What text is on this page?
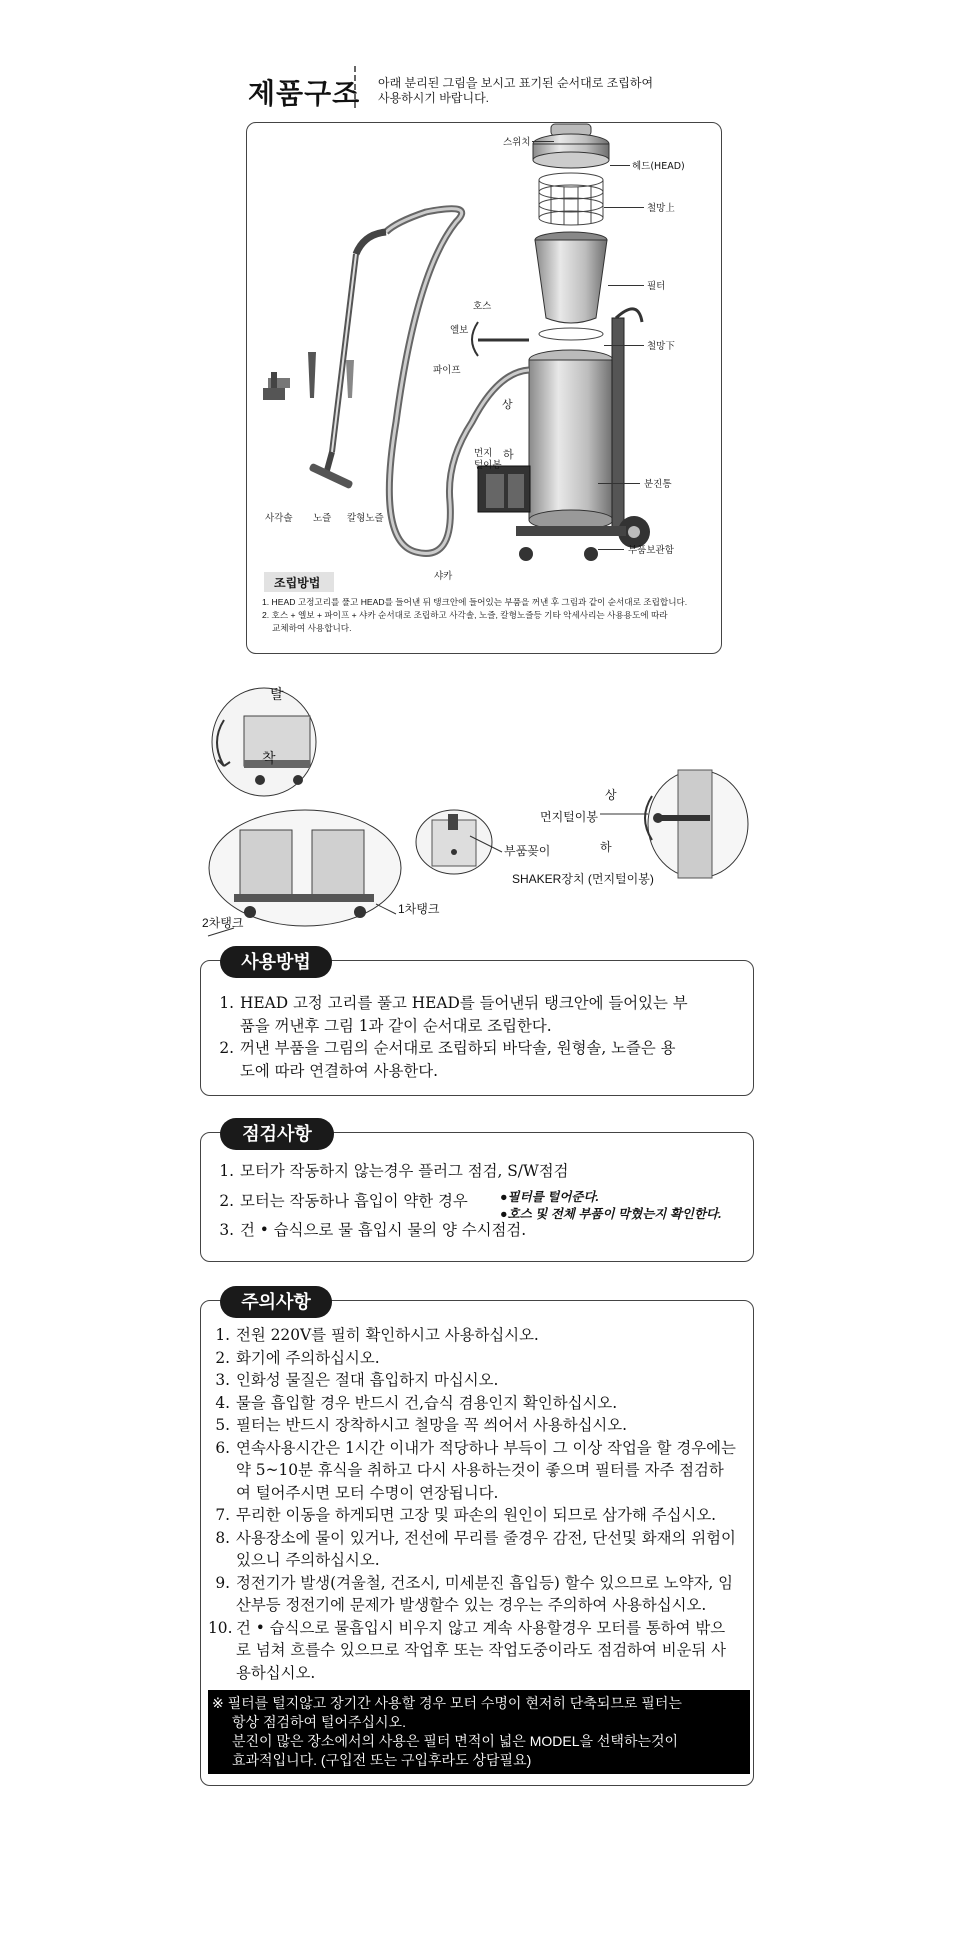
제품구조 아래 분리된 그림을 보시고 표기된 순서대로 조립하여
사용하시기 바랍니다.
스위치
헤드(HEAD)
철망上
필터
철망下
호스
엘보
파이프
상
하
먼지
털이봉
분진통
부품보관함
사각솔 노즐 칼형노즐
샤카
조립방법
1. HEAD 고정고리를 풀고 HEAD를 들어낸 뒤 탱크안에 들어있는 부품을 꺼낸 후 그림과 같이 순서대로 조립합니다.
2. 호스 + 엘보 + 파이프 + 샤카 순서대로 조립하고 사각솔, 노즐, 칼형노즐등 기타 악세사리는 사용용도에 따라
교체하여 사용합니다.
탈
착
2차탱크
1차탱크
부품꽂이
먼지털이봉
상
하
SHAKER장치 (먼지털이봉)
사용방법
1. HEAD 고정 고리를 풀고 HEAD를 들어낸뒤 탱크안에 들어있는 부
품을 꺼낸후 그림 1과 같이 순서대로 조립한다.
2. 꺼낸 부품을 그림의 순서대로 조립하되 바닥솔, 원형솔, 노즐은 용
도에 따라 연결하여 사용한다.
점검사항
1. 모터가 작동하지 않는경우 플러그 점검, S/W점검
2. 모터는 작동하나 흡입이 약한 경우
3. 건 • 습식으로 물 흡입시 물의 양 수시점검.
●필터를 털어준다.
●호스 및 전체 부품이 막혔는지 확인한다.
주의사항
1. 전원 220V를 필히 확인하시고 사용하십시오.
2. 화기에 주의하십시오.
3. 인화성 물질은 절대 흡입하지 마십시오.
4. 물을 흡입할 경우 반드시 건,습식 겸용인지 확인하십시오.
5. 필터는 반드시 장착하시고 철망을 꼭 씌어서 사용하십시오.
6. 연속사용시간은 1시간 이내가 적당하나 부득이 그 이상 작업을 할 경우에는
약 5~10분 휴식을 취하고 다시 사용하는것이 좋으며 필터를 자주 점검하
여 털어주시면 모터 수명이 연장됩니다.
7. 무리한 이동을 하게되면 고장 및 파손의 원인이 되므로 삼가해 주십시오.
8. 사용장소에 물이 있거나, 전선에 무리를 줄경우 감전, 단선및 화재의 위험이
있으니 주의하십시오.
9. 정전기가 발생(겨울철, 건조시, 미세분진 흡입등) 할수 있으므로 노약자, 임
산부등 정전기에 문제가 발생할수 있는 경우는 주의하여 사용하십시오.
10. 건 • 습식으로 물흡입시 비우지 않고 계속 사용할경우 모터를 통하여 밖으
로 넘쳐 흐를수 있으므로 작업후 또는 작업도중이라도 점검하여 비운뒤 사
용하십시오.
※ 필터를 털지않고 장기간 사용할 경우 모터 수명이 현저히 단축되므로 필터는
항상 점검하여 털어주십시오.
분진이 많은 장소에서의 사용은 필터 면적이 넓은 MODEL을 선택하는것이
효과적입니다. (구입전 또는 구입후라도 상담필요)
